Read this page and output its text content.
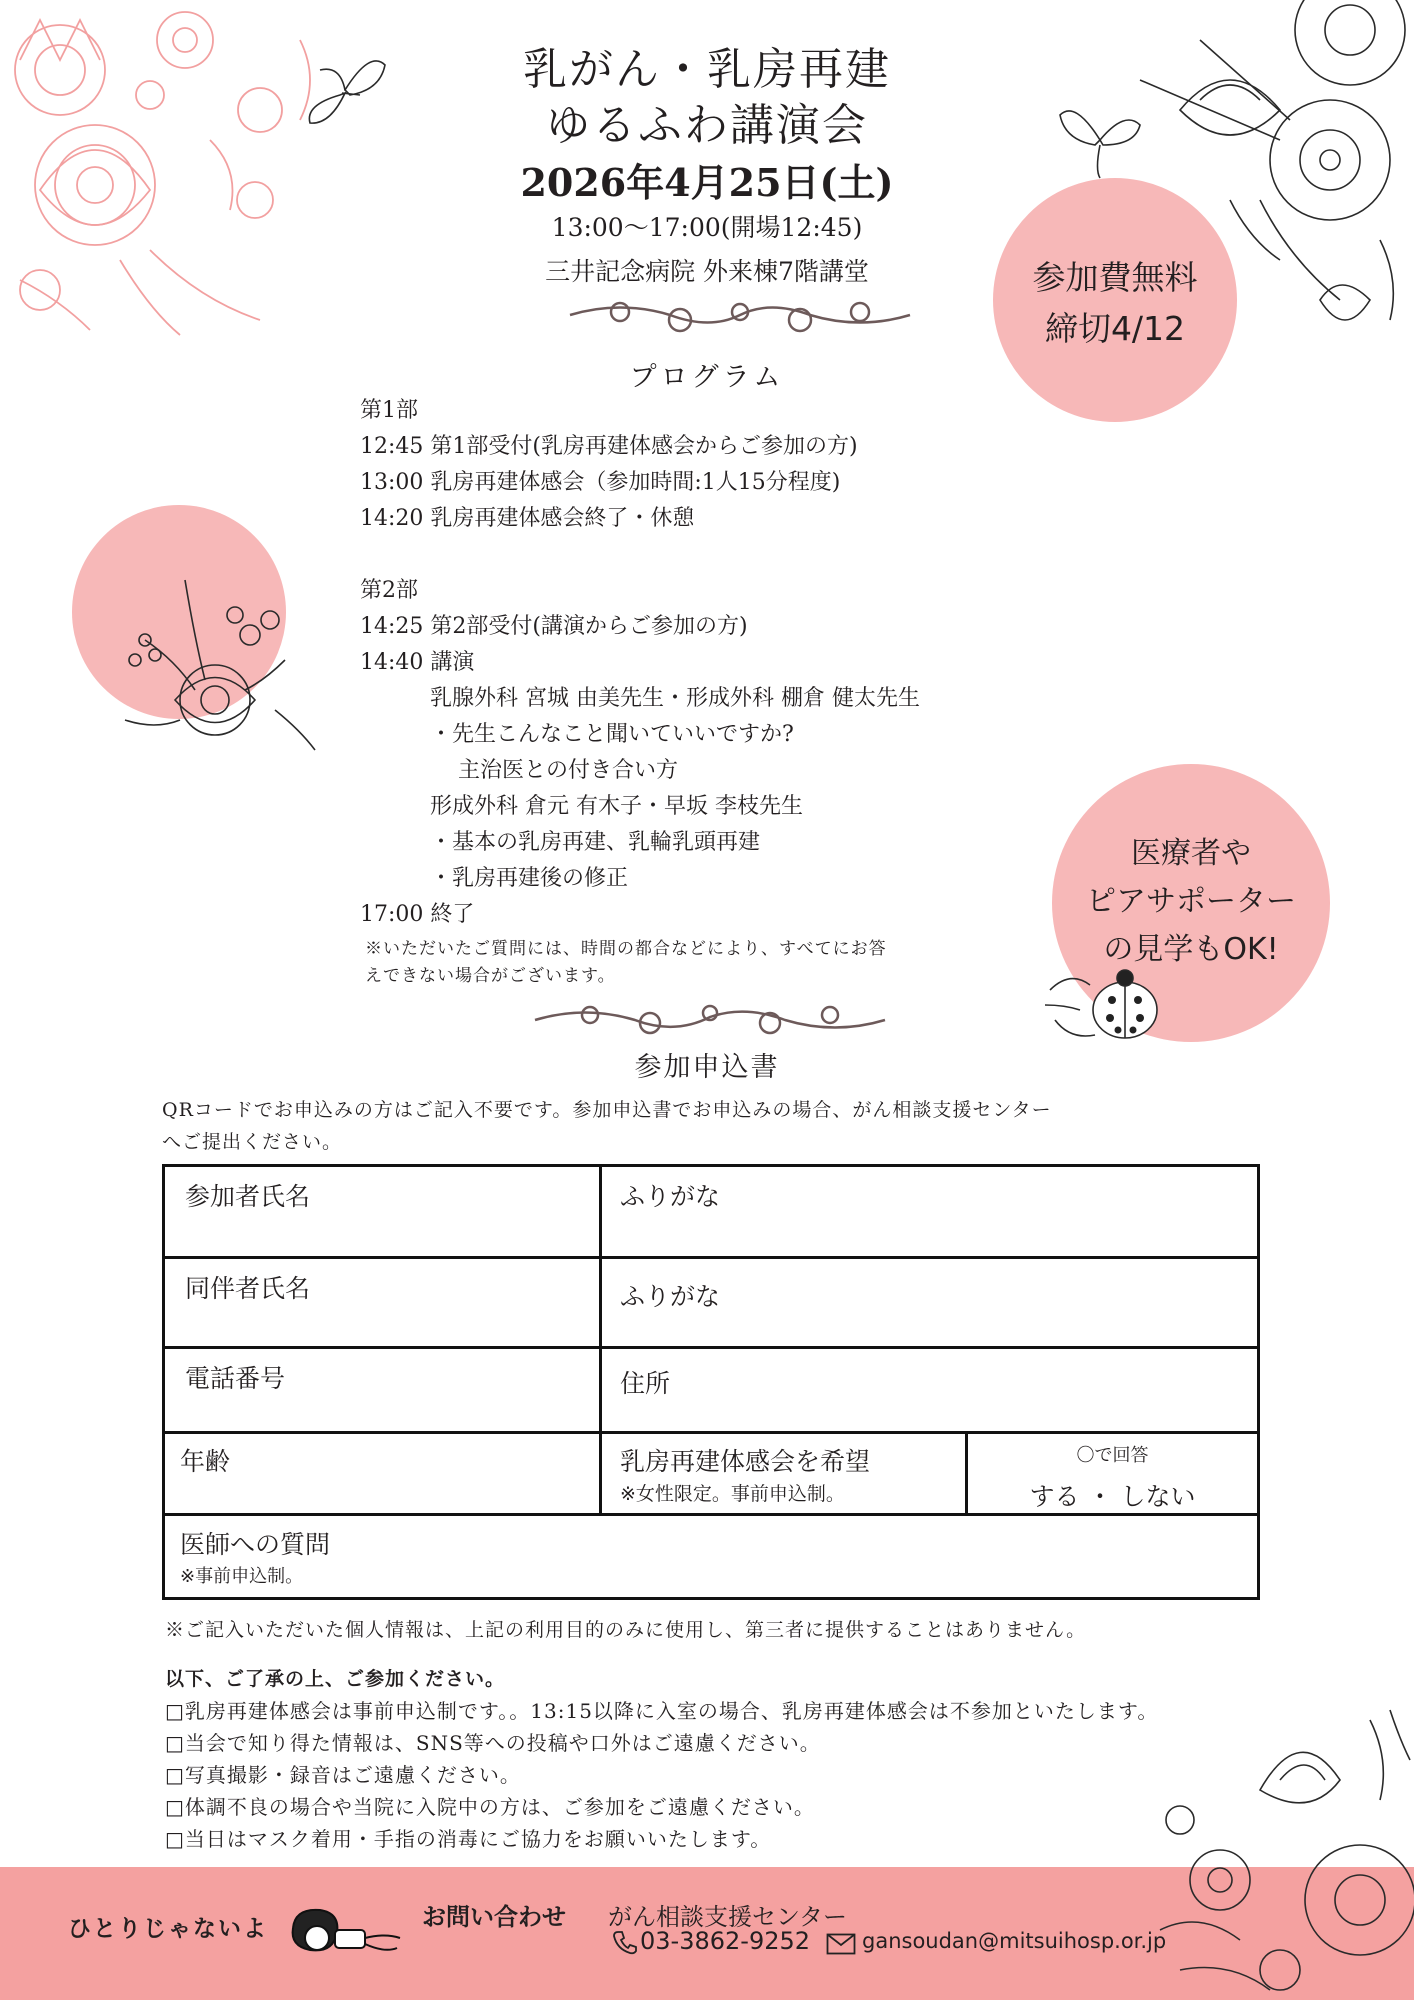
参加費無料
締切4/12
乳がん・乳房再建
ゆるふわ講演会
2026年4月25日(土)
13:00～17:00(開場12:45)
三井記念病院 外来棟7階講堂
プログラム
第1部
12:45 第1部受付(乳房再建体感会からご参加の方)
13:00 乳房再建体感会（参加時間:1人15分程度)
14:20 乳房再建体感会終了・休憩
第2部
14:25 第2部受付(講演からご参加の方)
14:40 講演
乳腺外科 宮城 由美先生・形成外科 棚倉 健太先生
・先生こんなこと聞いていいですか?
主治医との付き合い方
形成外科 倉元 有木子・早坂 李枝先生
・基本の乳房再建、乳輪乳頭再建
・乳房再建後の修正
17:00 終了
※いただいたご質問には、時間の都合などにより、すべてにお答
えできない場合がございます。
医療者や
ピアサポーター
の見学もOK!
参加申込書
QRコードでお申込みの方はご記入不要です。参加申込書でお申込みの場合、がん相談支援センター
へご提出ください。
参加者氏名	ふりがな
同伴者氏名	ふりがな
電話番号	住所
年齢	乳房再建体感会を希望
※女性限定。事前申込制。
〇で回答
する ・ しない
医師への質問
※事前申込制。
※ご記入いただいた個人情報は、上記の利用目的のみに使用し、第三者に提供することはありません。
以下、ご了承の上、ご参加ください。
□乳房再建体感会は事前申込制です。。13:15以降に入室の場合、乳房再建体感会は不参加といたします。
□当会で知り得た情報は、SNS等への投稿や口外はご遠慮ください。
□写真撮影・録音はご遠慮ください。
□体調不良の場合や当院に入院中の方は、ご参加をご遠慮ください。
□当日はマスク着用・手指の消毒にご協力をお願いいたします。
ひとりじゃないよ	お問い合わせ がん相談支援センター
03-3862-9252 gansoudan@mitsuihosp.or.jp
